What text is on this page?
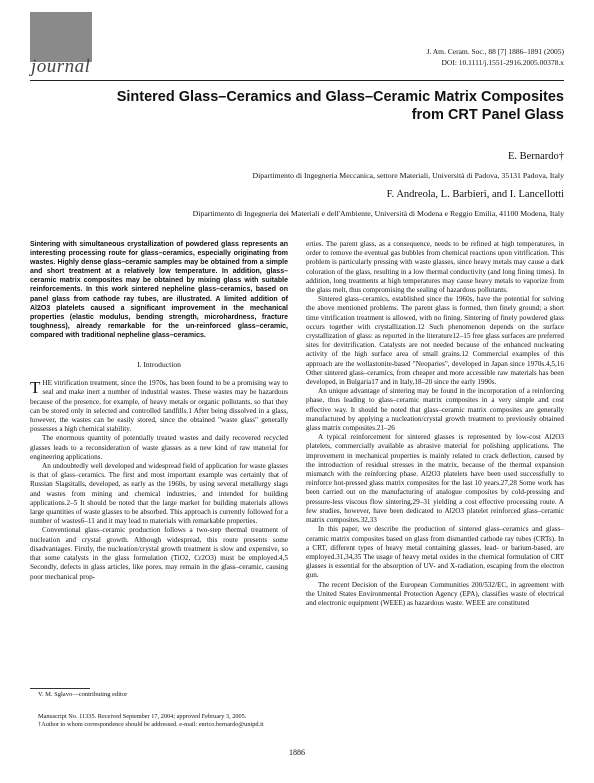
journal
J. Am. Ceram. Soc., 88 [7] 1886–1891 (2005)
DOI: 10.1111/j.1551-2916.2005.00378.x
Sintered Glass–Ceramics and Glass–Ceramic Matrix Composites from CRT Panel Glass
E. Bernardo†
Dipartimento di Ingegneria Meccanica, settore Materiali, Università di Padova, 35131 Padova, Italy
F. Andreola, L. Barbieri, and I. Lancellotti
Dipartimento di Ingegneria dei Materiali e dell'Ambiente, Università di Modena e Reggio Emilia, 41100 Modena, Italy

Sintering with simultaneous crystallization of powdered glass represents an interesting processing route for glass–ceramics, especially originating from wastes. Highly dense glass–ceramic samples may be obtained from a simple and short treatment at a relatively low temperature. In addition, glass–ceramic matrix composites may be obtained by mixing glass with suitable reinforcements. In this work sintered nepheline glass–ceramics, based on panel glass from cathode ray tubes, are illustrated. A limited addition of Al2O3 platelets caused a significant improvement in the mechanical properties (elastic modulus, bending strength, microhardness, fracture toughness), already remarkable for the un-reinforced glass–ceramic, compared with traditional nepheline glass–ceramics.

I. Introduction

THE vitrification treatment, since the 1970s, has been found to be a promising way to seal and make inert a number of industrial wastes. These wastes may be hazardous because of the presence, for example, of heavy metals or organic pollutants, so that they can be stored only in selected and controlled landfills.1 After being dissolved in a glass, however, the wastes can be easily stored, since the obtained "waste glass" generally possesses a high chemical stability.

The enormous quantity of potentially treated wastes and daily recovered recycled glasses leads to a reconsideration of waste glasses as a new kind of raw material for engineering applications.

An undoubtedly well developed and widespread field of application for waste glasses is that of glass–ceramics. The first and most important example was certainly that of Russian Slagsitalls, developed, as early as the 1960s, by using several metallurgy slags and wastes from mining and chemical industries, and intended for building applications.2–5 It should be noted that the large market for building materials allows large quantities of waste glasses to be absorbed. This approach is currently followed for a number of wastes6–11 and it may lead to materials with remarkable properties.

Conventional glass–ceramic production follows a two-step thermal treatment of nucleation and crystal growth. Although widespread, this route presents some disadvantages. Firstly, the nucleation/crystal growth treatment is slow and expensive, so that some catalysts in the glass formulation (TiO2, Cr2O3) must be employed.4,5 Secondly, defects in glass articles, like pores, may remain in the glass–ceramic, causing poor mechanical prop-

erties. The parent glass, as a consequence, needs to be refined at high temperatures, in order to remove the eventual gas bubbles from chemical reactions upon vitrification. This problem is particularly pressing with waste glasses, since heavy metals may cause a dark coloration of the glass, resulting in a low thermal conductivity (and long fining times). In addition, long treatments at high temperatures may cause heavy metals to vaporize from the glass melt, thus compromising the sealing of hazardous pollutants.

Sintered glass–ceramics, established since the 1960s, have the potential for solving the above mentioned problems. The parent glass is formed, then finely ground; a short time vitrification treatment is allowed, with no fining. Sintering of finely powdered glass occurs together with crystallization.12 Such phenomenon depends on the surface crystallization of glass: as reported in the literature12–15 free glass surfaces are preferred sites for devitrification. Catalysts are not needed because of the enhanced nucleating activity of the high surface area of small grains.12 Commercial examples of this approach are the wollastonite-based "Neoparies", developed in Japan since 1970s.4,5,16 Other sintered glass–ceramics, from cheaper and more accessible raw materials has been developed, in Bulgaria17 and in Italy,18–20 since the early 1990s.

An unique advantage of sintering may be found in the incorporation of a reinforcing phase, thus leading to glass–ceramic matrix composites in a very simple and cost effective way. It should be noted that glass–ceramic matrix composites are generally manufactured by applying a nucleation/crystal growth treatment to previously obtained glass matrix composites.21–26

A typical reinforcement for sintered glasses is represented by low-cost Al2O3 platelets, commercially available as abrasive material for polishing applications. The improvement in mechanical properties is mainly related to crack deflection, caused by the introduction of residual stresses in the matrix, because of the thermal expansion mismatch with the reinforcing phase. Al2O3 platelets have been used successfully to reinforce hot-pressed glass matrix composites for the last 10 years.27,28 Some work has been carried out on the manufacturing of analogue composites by cold-pressing and pressure-less viscous flow sintering,29–31 yielding a cost effective processing route. A few studies, however, have been dedicated to Al2O3 platelet reinforced glass–ceramic matrix composites.32,33

In this paper, we describe the production of sintered glass–ceramics and glass–ceramic matrix composites based on glass from dismantled cathode ray tubes (CRTs). In a CRT, different types of heavy metal containing glasses, lead- or barium-based, are employed.31,34,35 The usage of heavy metal oxides in the chemical formulation of CRT glasses is essential for the absorption of UV- and X-radiation, escaping from the electron gun.

The recent Decision of the European Communities 200/532/EC, in agreement with the United States Environmental Protection Agency (EPA), classifies waste of electrical and electronic equipment (WEEE) as hazardous waste. WEEE are constituted

V. M. Sglavo—contributing editor
Manuscript No. 11335. Received September 17, 2004; approved February 3, 2005.
†Author to whom correspondence should be addressed. e-mail: enrico.bernardo@unipd.it
1886
